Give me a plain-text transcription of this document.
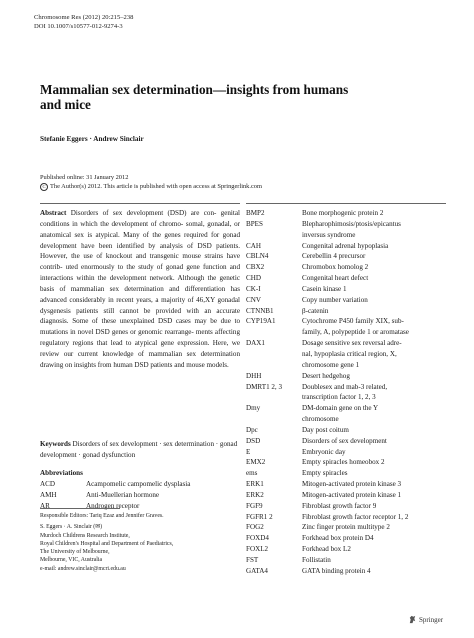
Chromosome Res (2012) 20:215–238
DOI 10.1007/s10577-012-9274-3
Mammalian sex determination—insights from humans
and mice
Stefanie Eggers · Andrew Sinclair
Published online: 31 January 2012
C The Author(s) 2012. This article is published with open access at Springerlink.com
Abstract Disorders of sex development (DSD) are con- genital conditions in which the development of chromo- somal, gonadal, or anatomical sex is atypical. Many of the genes required for gonad development have been identified by analysis of DSD patients. However, the use of knockout and transgenic mouse strains have contrib- uted enormously to the study of gonad gene function and interactions within the development network. Although the genetic basis of mammalian sex determination and differentiation has advanced considerably in recent years, a majority of 46,XY gonadal dysgenesis patients still cannot be provided with an accurate diagnosis. Some of these unexplained DSD cases may be due to mutations in novel DSD genes or genomic rearrange- ments affecting regulatory regions that lead to atypical gene expression. Here, we review our current knowledge of mammalian sex determination drawing on insights from human DSD patients and mouse models.
Keywords Disorders of sex development · sex determination · gonad development · gonad dysfunction
Abbreviations
ACD	Acampomelic campomelic dysplasia
AMH	Anti-Muellerian hormone
AR	Androgen receptor
Responsible Editors: Tariq Ezaz and Jennifer Graves.
S. Eggers · A. Sinclair (✉)
Murdoch Childrens Research Institute,
Royal Children's Hospital and Department of Paediatrics,
The University of Melbourne,
Melbourne, VIC, Australia
e-mail: andrew.sinclair@mcri.edu.au
BMP2	Bone morphogenic protein 2
BPES	Blepharophimosis/ptosis/epicantus
inversus syndrome
CAH	Congenital adrenal hypoplasia
CBLN4	Cerebellin 4 precursor
CBX2	Chromobox homolog 2
CHD	Congenital heart defect
CK-I	Casein kinase 1
CNV	Copy number variation
CTNNB1	β-catenin
CYP19A1	Cytochrome P450 family XIX, sub-
family, A, polypeptide 1 or aromatase
DAX1	Dosage sensitive sex reversal adre-
nal, hypoplasia critical region, X,
chromosome gene 1
DHH	Desert hedgehog
DMRT1 2, 3	Doublesex and mab-3 related,
transcription factor 1, 2, 3
Dmy	DM-domain gene on the Y
chromosome
Dpc	Day post coitum
DSD	Disorders of sex development
E	Embryonic day
EMX2	Empty spiracles homeobox 2
ems	Empty spiracles
ERK1	Mitogen-activated protein kinase 3
ERK2	Mitogen-activated protein kinase 1
FGF9	Fibroblast growth factor 9
FGFR1 2	Fibroblast growth factor receptor 1, 2
FOG2	Zinc finger protein multitype 2
FOXD4	Forkhead box protein D4
FOXL2	Forkhead box L2
FST	Follistatin
GATA4	GATA binding protein 4
Springer
